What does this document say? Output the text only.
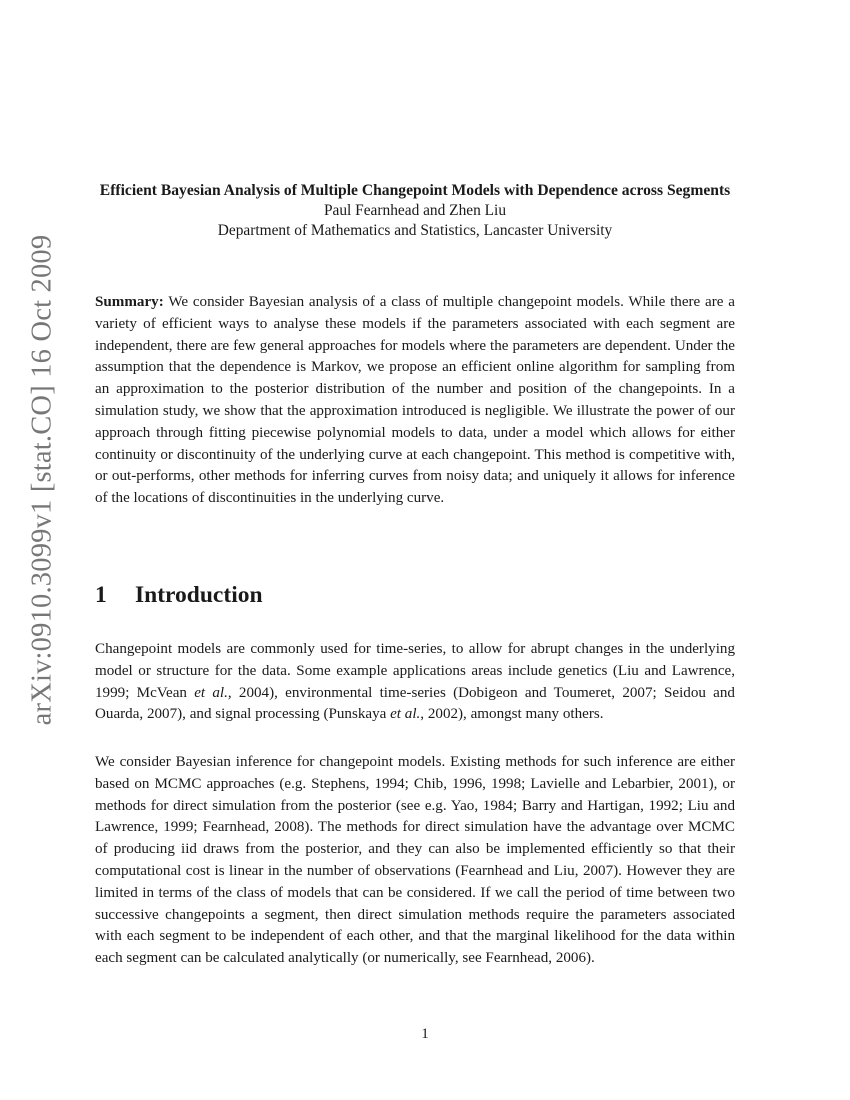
arXiv:0910.3099v1 [stat.CO] 16 Oct 2009

Efficient Bayesian Analysis of Multiple Changepoint Models with Dependence across Segments

Paul Fearnhead and Zhen Liu

Department of Mathematics and Statistics, Lancaster University

Summary: We consider Bayesian analysis of a class of multiple changepoint models. While there are a variety of efficient ways to analyse these models if the parameters associated with each segment are independent, there are few general approaches for models where the parameters are dependent. Under the assumption that the dependence is Markov, we propose an efficient online algorithm for sampling from an approximation to the posterior distribution of the number and position of the changepoints. In a simulation study, we show that the approximation introduced is negligible. We illustrate the power of our approach through fitting piecewise polynomial models to data, under a model which allows for either continuity or discontinuity of the underlying curve at each changepoint. This method is competitive with, or out-performs, other methods for inferring curves from noisy data; and uniquely it allows for inference of the locations of discontinuities in the underlying curve.

1 Introduction

Changepoint models are commonly used for time-series, to allow for abrupt changes in the underlying model or structure for the data. Some example applications areas include genetics (Liu and Lawrence, 1999; McVean et al., 2004), environmental time-series (Dobigeon and Toumeret, 2007; Seidou and Ouarda, 2007), and signal processing (Punskaya et al., 2002), amongst many others.

We consider Bayesian inference for changepoint models. Existing methods for such inference are either based on MCMC approaches (e.g. Stephens, 1994; Chib, 1996, 1998; Lavielle and Lebarbier, 2001), or methods for direct simulation from the posterior (see e.g. Yao, 1984; Barry and Hartigan, 1992; Liu and Lawrence, 1999; Fearnhead, 2008). The methods for direct simulation have the advantage over MCMC of producing iid draws from the posterior, and they can also be implemented efficiently so that their computational cost is linear in the number of observations (Fearnhead and Liu, 2007). However they are limited in terms of the class of models that can be considered. If we call the period of time between two successive changepoints a segment, then direct simulation methods require the parameters associated with each segment to be independent of each other, and that the marginal likelihood for the data within each segment can be calculated analytically (or numerically, see Fearnhead, 2006).

1
